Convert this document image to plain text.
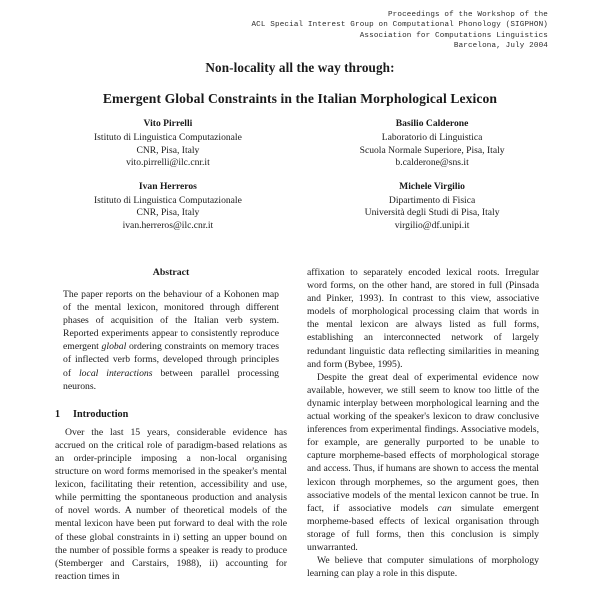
Proceedings of the Workshop of the
ACL Special Interest Group on Computational Phonology (SIGPHON)
Association for Computations Linguistics
Barcelona, July 2004
Non-locality all the way through:
Emergent Global Constraints in the Italian Morphological Lexicon
Vito Pirrelli
Istituto di Linguistica Computazionale
CNR, Pisa, Italy
vito.pirrelli@ilc.cnr.it
Ivan Herreros
Istituto di Linguistica Computazionale
CNR, Pisa, Italy
ivan.herreros@ilc.cnr.it
Basilio Calderone
Laboratorio di Linguistica
Scuola Normale Superiore, Pisa, Italy
b.calderone@sns.it
Michele Virgilio
Dipartimento di Fisica
Università degli Studi di Pisa, Italy
virgilio@df.unipi.it
Abstract
The paper reports on the behaviour of a Kohonen map of the mental lexicon, monitored through different phases of acquisition of the Italian verb system. Reported experiments appear to consistently reproduce emergent global ordering constraints on memory traces of inflected verb forms, developed through principles of local interactions between parallel processing neurons.
1 Introduction

Over the last 15 years, considerable evidence has accrued on the critical role of paradigm-based relations as an order-principle imposing a non-local organising structure on word forms memorised in the speaker's mental lexicon, facilitating their retention, accessibility and use, while permitting the spontaneous production and analysis of novel words. A number of theoretical models of the mental lexicon have been put forward to deal with the role of these global constraints in i) setting an upper bound on the number of possible forms a speaker is ready to produce (Stemberger and Carstairs, 1988), ii) accounting for reaction times in

affixation to separately encoded lexical roots. Irregular word forms, on the other hand, are stored in full (Pinsada and Pinker, 1993). In contrast to this view, associative models of morphological processing claim that words in the mental lexicon are always listed as full forms, establishing an interconnected network of largely redundant linguistic data reflecting similarities in meaning and form (Bybee, 1995).

Despite the great deal of experimental evidence now available, however, we still seem to know too little of the dynamic interplay between morphological learning and the actual working of the speaker's lexicon to draw conclusive inferences from experimental findings. Associative models, for example, are generally purported to be unable to capture morpheme-based effects of morphological storage and access. Thus, if humans are shown to access the mental lexicon through morphemes, so the argument goes, then associative models of the mental lexicon cannot be true. In fact, if associative models can simulate emergent morpheme-based effects of lexical organisation through storage of full forms, then this conclusion is simply unwarranted.

We believe that computer simulations of morphology learning can play a role in this dispute.
